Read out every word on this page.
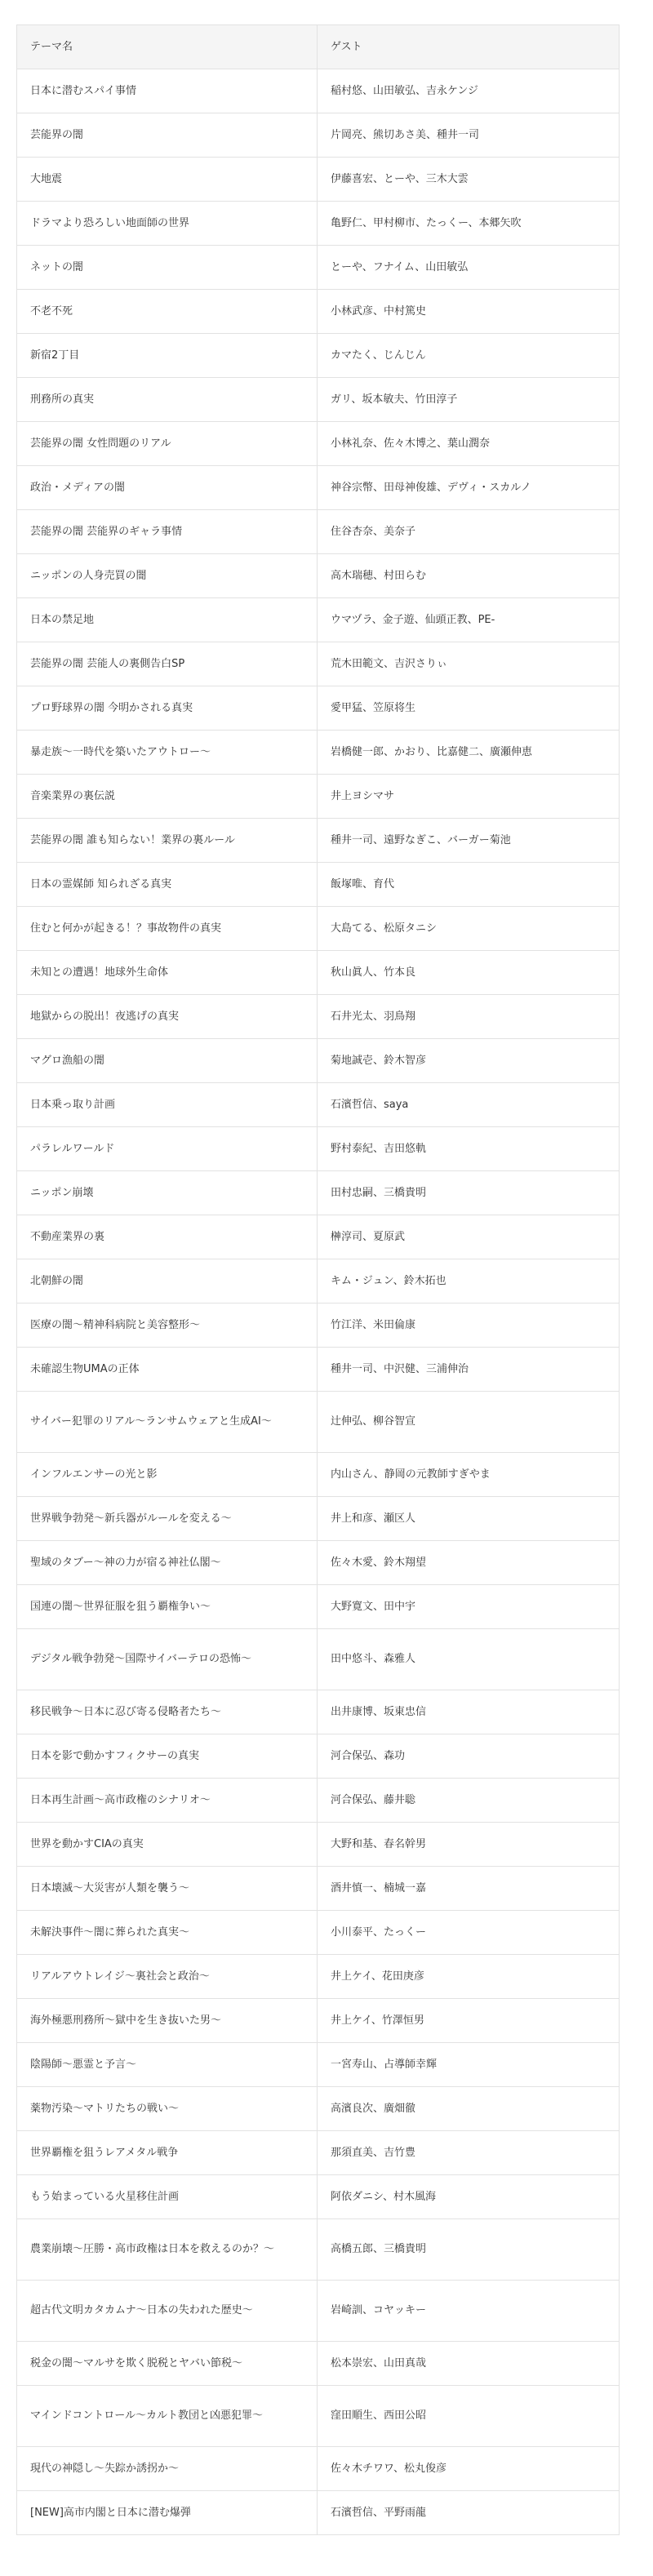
テーマ名	ゲスト
日本に潜むスパイ事情	稲村悠、山田敏弘、吉永ケンジ
芸能界の闇	片岡亮、熊切あさ美、種井一司
大地震	伊藤喜宏、とーや、三木大雲
ドラマより恐ろしい地面師の世界	亀野仁、甲村柳市、たっくー、本郷矢吹
ネットの闇	とーや、フナイム、山田敏弘
不老不死	小林武彦、中村篤史
新宿2丁目	カマたく、じんじん
刑務所の真実	ガリ、坂本敏夫、竹田淳子
芸能界の闇 女性問題のリアル	小林礼奈、佐々木博之、葉山潤奈
政治・メディアの闇	神谷宗幣、田母神俊雄、デヴィ・スカルノ
芸能界の闇 芸能界のギャラ事情	住谷杏奈、美奈子
ニッポンの人身売買の闇	高木瑞穂、村田らむ
日本の禁足地	ウマヅラ、金子遊、仙頭正教、PE-
芸能界の闇 芸能人の裏側告白SP	荒木田範文、吉沢さりぃ
プロ野球界の闇 今明かされる真実	愛甲猛、笠原将生
暴走族〜一時代を築いたアウトロー〜	岩橋健一郎、かおり、比嘉健二、廣瀬伸恵
音楽業界の裏伝説	井上ヨシマサ
芸能界の闇 誰も知らない！業界の裏ルール	種井一司、遠野なぎこ、バーガー菊池
日本の霊媒師 知られざる真実	飯塚唯、育代
住むと何かが起きる！？事故物件の真実	大島てる、松原タニシ
未知との遭遇！地球外生命体	秋山眞人、竹本良
地獄からの脱出！夜逃げの真実	石井光太、羽鳥翔
マグロ漁船の闇	菊地誠壱、鈴木智彦
日本乗っ取り計画	石濱哲信、saya
パラレルワールド	野村泰紀、吉田悠軌
ニッポン崩壊	田村忠嗣、三橋貴明
不動産業界の裏	榊淳司、夏原武
北朝鮮の闇	キム・ジュン、鈴木拓也
医療の闇〜精神科病院と美容整形〜	竹江洋、米田倫康
未確認生物UMAの正体	種井一司、中沢健、三浦伸治
サイバー犯罪のリアル〜ランサムウェアと生成AI〜	辻伸弘、柳谷智宣
インフルエンサーの光と影	内山さん、静岡の元教師すぎやま
世界戦争勃発〜新兵器がルールを変える〜	井上和彦、瀬区人
聖域のタブー〜神の力が宿る神社仏閣〜	佐々木愛、鈴木翔望
国連の闇〜世界征服を狙う覇権争い〜	大野寛文、田中宇
デジタル戦争勃発〜国際サイバーテロの恐怖〜	田中悠斗、森雅人
移民戦争〜日本に忍び寄る侵略者たち〜	出井康博、坂東忠信
日本を影で動かすフィクサーの真実	河合保弘、森功
日本再生計画〜高市政権のシナリオ〜	河合保弘、藤井聡
世界を動かすCIAの真実	大野和基、春名幹男
日本壊滅〜大災害が人類を襲う〜	酒井慎一、楠城一嘉
未解決事件〜闇に葬られた真実〜	小川泰平、たっくー
リアルアウトレイジ〜裏社会と政治〜	井上ケイ、花田庚彦
海外極悪刑務所〜獄中を生き抜いた男〜	井上ケイ、竹澤恒男
陰陽師〜悪霊と予言〜	一宮寿山、占導師幸輝
薬物汚染〜マトリたちの戦い〜	高濱良次、廣畑徹
世界覇権を狙うレアメタル戦争	那須直美、吉竹豊
もう始まっている火星移住計画	阿依ダニシ、村木風海
農業崩壊〜圧勝・高市政権は日本を救えるのか？〜	高橋五郎、三橋貴明
超古代文明カタカムナ〜日本の失われた歴史〜	岩崎訓、コヤッキー
税金の闇〜マルサを欺く脱税とヤバい節税〜	松本崇宏、山田真哉
マインドコントロール〜カルト教団と凶悪犯罪〜	窪田順生、西田公昭
現代の神隠し〜失踪か誘拐か〜	佐々木チワワ、松丸俊彦
[NEW]高市内閣と日本に潜む爆弾	石濱哲信、平野雨龍
